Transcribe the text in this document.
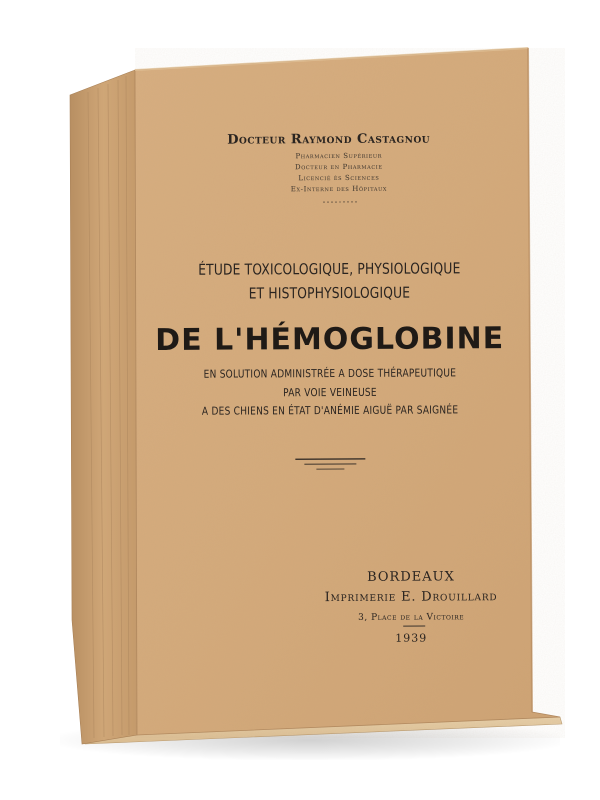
Docteur Raymond Castagnou
Pharmacien Supérieur
Docteur en Pharmacie
Licencié ès Sciences
Ex-Interne des Hôpitaux
ÉTUDE TOXICOLOGIQUE, PHYSIOLOGIQUE
ET HISTOPHYSIOLOGIQUE
DE L'HÉMOGLOBINE
EN SOLUTION ADMINISTRÉE A DOSE THÉRAPEUTIQUE
PAR VOIE VEINEUSE
A DES CHIENS EN ÉTAT D'ANÉMIE AIGUË PAR SAIGNÉE
BORDEAUX
Imprimerie E. Drouillard
3, Place de la Victoire
1939
